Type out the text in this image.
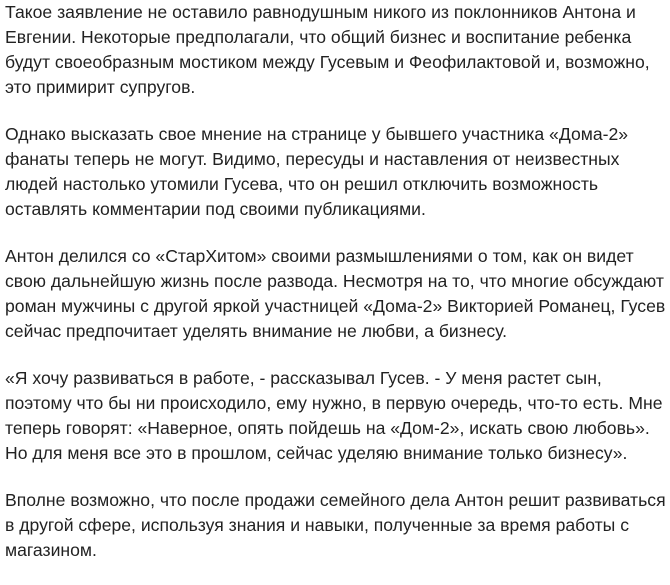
Такое заявление не оставило равнодушным никого из поклонников Антона и Евгении. Некоторые предполагали, что общий бизнес и воспитание ребенка будут своеобразным мостиком между Гусевым и Феофилактовой и, возможно, это примирит супругов.

Однако высказать свое мнение на странице у бывшего участника «Дома-2» фанаты теперь не могут. Видимо, пересуды и наставления от неизвестных людей настолько утомили Гусева, что он решил отключить возможность оставлять комментарии под своими публикациями.

Антон делился со «СтарХитом» своими размышлениями о том, как он видет свою дальнейшую жизнь после развода. Несмотря на то, что многие обсуждают роман мужчины с другой яркой участницей «Дома-2» Викторией Романец, Гусев сейчас предпочитает уделять внимание не любви, а бизнесу.

«Я хочу развиваться в работе, - рассказывал Гусев. - У меня растет сын, поэтому что бы ни происходило, ему нужно, в первую очередь, что-то есть. Мне теперь говорят: «Наверное, опять пойдешь на «Дом-2», искать свою любовь». Но для меня все это в прошлом, сейчас уделяю внимание только бизнесу».

Вполне возможно, что после продажи семейного дела Антон решит развиваться в другой сфере, используя знания и навыки, полученные за время работы с магазином.
